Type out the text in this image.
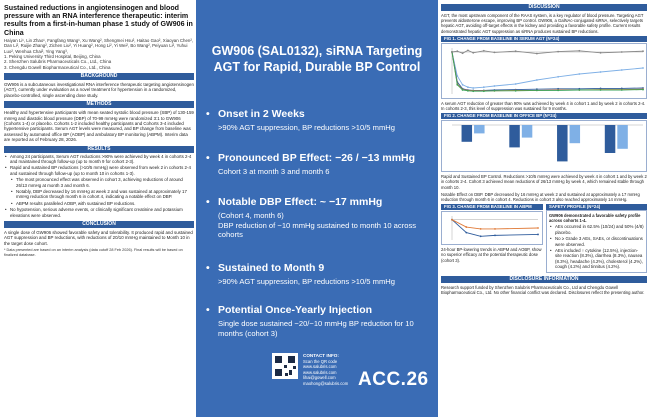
Sustained reductions in angiotensinogen and blood pressure with an RNA interference therapeutic: interim results from a first-in-human phase 1 study of GW906 in China
Haiyan Li¹, Lin Zhao¹, Fangfang Wang¹, Xu Wang², Shengmei Hsu², Haitao Gao², Xiaoyan Chen², Dan Li², Ruijie Zhang², Zichen Liu², Yi Huang², Hong Li², Yi Wei², Bo Wang², Peiyuan Li², Yuhui Luo², Wenhua Chai², Ying Yang³,
1. Peking University Third Hospital, Beijing, China
2. Shenzhen Salubris Pharmaceuticals Co., Ltd., China
3. Chengdu Gowell Biopharmaceutical Co., Ltd., China
BACKGROUND
GW906 is a subcutaneous investigational RNA interference therapeutic targeting angiotensinogen (AGT), currently under evaluation as a novel treatment for hypertension in a randomized, placebo-controlled, single ascending dose study.
METHODS
Healthy and hypertensive participants with mean seated systolic blood pressure (SBP) of 130-159 mmHg and diastolic blood pressure (DBP) of 70-99 mmHg were randomized 3:1 to GW906 (Cohorts 1-4) or placebo. Cohorts 1-2 included healthy participants and Cohorts 3-4 included hypertensive participants. Serum AGT levels were measured, and BP change from baseline was assessed by automated office BP (AOBP) and ambulatory BP monitoring (ABPM). Interim data are reported as of February 28, 2026.
RESULTS
• Among 24 participants, Serum AGT reductions >90% were achieved by week 4 in cohorts 2-4 and maintained through follow-up (up to month 9 for cohort 2-3).
• Rapid and sustained BP reductions (>10/5 mmHg) were observed from week 2 in cohorts 2-4 and sustained through follow-up (up to month 10 in cohorts 1-3).
• The most pronounced effect was observed in cohort 3, achieving reductions of around 26/13 mmHg at month 3 and month 6.
• Notably, DBP decreased by 16 mmHg at week 2 and was sustained at approximately 17 mmHg reduction through month 6 in cohort 4, indicating a notable effect on DBP.
• ABPM results paralleled AOBP, with sustained BP reductions.
• No hypotension, serious adverse events, or clinically significant creatinine and potassium elevations were observed.
CONCLUSION
A single dose of GW906 showed favorable safety and tolerability. It produced rapid and sustained AGT suppression and BP reductions, with reductions of 20/10 mmHg maintained to Month 10 in the target dose cohort.
* Data presented are based on an interim analysis (data cutoff 28 Feb 2026). Final results will be based on finalized database.
GW906 (SAL0132), siRNA Targeting AGT for Rapid, Durable BP Control
• Onset in 2 Weeks
>90% AGT suppression, BP reductions >10/5 mmHg
• Pronounced BP Effect: −26 / −13 mmHg
Cohort 3 at month 3 and month 6
• Notable DBP Effect: ~ −17 mmHg
(Cohort 4, month 6)
DBP reduction of −10 mmHg sustained to month 10 across cohorts
• Sustained to Month 9
>90% AGT suppression, BP reductions >10/5 mmHg
• Potential Once-Yearly Injection
Single dose sustained −20/−10 mmHg BP reduction for 10 months (cohort 3)
CONTACT INFO:
Scan the QR code
www.salubris.com
www.salubris.com
lihai@gowell.com
maohong@salubris.com ACC.26
DISCUSSION
AGT, the most upstream component of the RAAS system, is a key regulator of blood pressure. Targeting AGT prevents aldosterone escape, improving BP control. GW906, a GalNAc-conjugated siRNA, selectively targets hepatic AGT, avoiding off-target effects in the kidney and providing a favorable safety profile. Current results demonstrated hepatic AGT suppression as siRNA produces sustained BP reductions.
FIG 1. CHANGE FROM BASELINE IN SERUM AGT (N=24)
A serum AGT reduction of greater than 90% was achieved by week 4 in cohort 1 and by week 2 in cohorts 2-4. In cohorts 2-3, this level of suppression was sustained for 9 months.
FIG 2. CHANGE FROM BASELINE IN OFFICE BP (N=24)
Rapid and Sustained BP Control. Reductions >10/5 mmHg were achieved by week 4 in cohort 1 and by week 2 in cohorts 2-4. Cohort 3 achieved mean reductions of 26/13 mmHg by week 4, which remained stable through month 10.
Notable Effect on DBP. DBP decreased by 16 mmHg at week 2 and sustained at approximately a 17 mmHg reduction through month 6 in cohort 4. Reductions in cohort 3 also reached approximately 14 mmHg.
FIG 3. CHANGE FROM BASELINE IN ABPM
24-hour BP-lowering trends in ABPM and AOBP, show no superior efficacy at the potential therapeutic dose (cohort 3).
SAFETY PROFILE (N=24)
GW906 demonstrated a favorable safety profile across cohorts 1-4.
• AEs occurred in 62.5% (10/24) and 50% (4/8) placebo.
• No ≥ Grade 3 AEs, SAEs, or discontinuations were observed.
• AEs included ↑ cytokine (12.5%), injection-site reaction (8.3%), diarrhea (8.3%), nausea (8.3%), headache (4.2%), cholesterol (4.2%), cough (4.2%) and tinnitus (4.2%).
DISCLOSURE INFORMATION
Research support funded by Shenzhen Salubris Pharmaceuticals Co., Ltd and Chengdu Gowell Biopharmaceutical Co., Ltd. No other financial conflict was declared. Disclosures reflect the presenting author.
